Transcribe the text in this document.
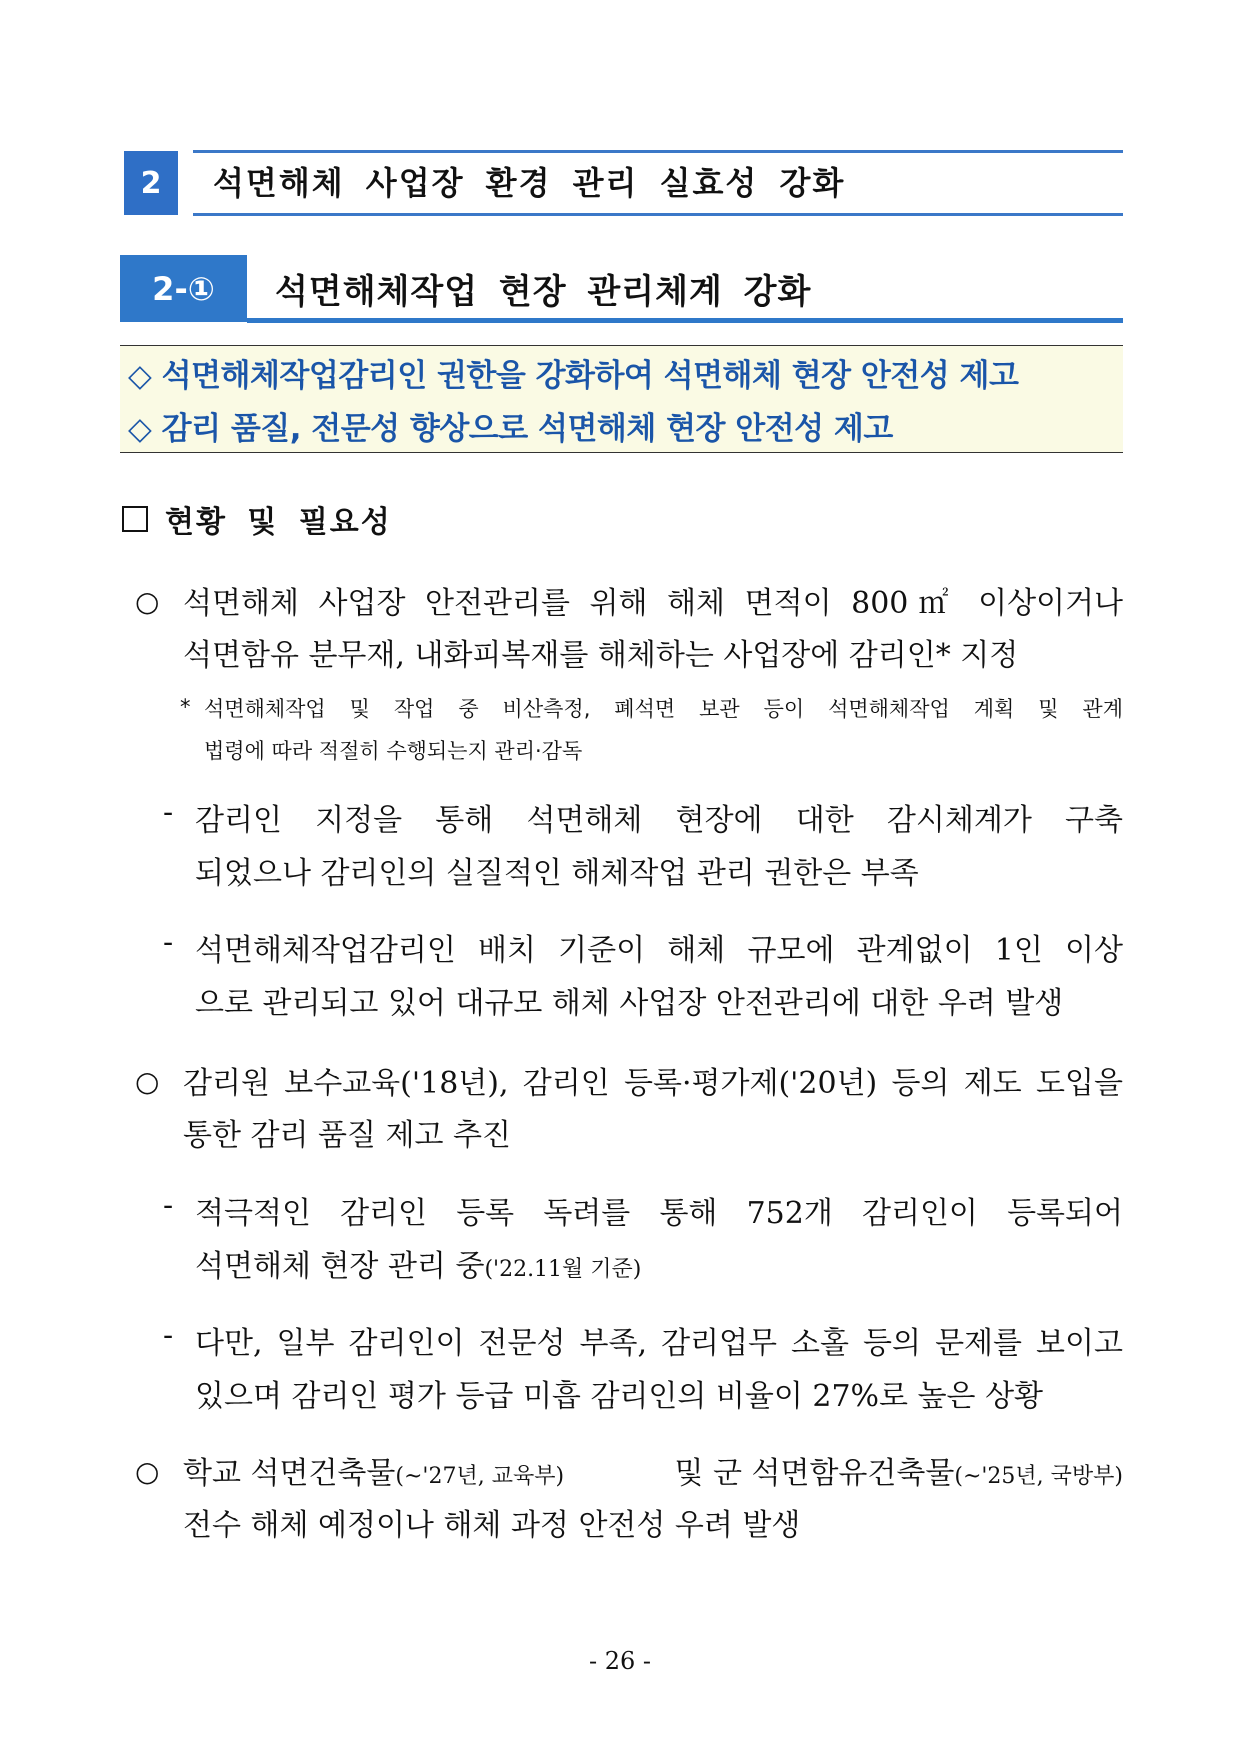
2	석면해체 사업장 환경 관리 실효성 강화
2-①	석면해체작업 현장 관리체계 강화
◇ 석면해체작업감리인 권한을 강화하여 석면해체 현장 안전성 제고
◇ 감리 품질, 전문성 향상으로 석면해체 현장 안전성 제고
현황 및 필요성
○ 석면해체 사업장 안전관리를 위해 해체 면적이 800㎡ 이상이거나
석면함유 분무재, 내화피복재를 해체하는 사업장에 감리인* 지정
* 석면해체작업 및 작업 중 비산측정, 폐석면 보관 등이 석면해체작업 계획 및 관계
법령에 따라 적절히 수행되는지 관리·감독
- 감리인 지정을 통해 석면해체 현장에 대한 감시체계가 구축
되었으나 감리인의 실질적인 해체작업 관리 권한은 부족
- 석면해체작업감리인 배치 기준이 해체 규모에 관계없이 1인 이상
으로 관리되고 있어 대규모 해체 사업장 안전관리에 대한 우려 발생
○ 감리원 보수교육('18년), 감리인 등록·평가제('20년) 등의 제도 도입을
통한 감리 품질 제고 추진
- 적극적인 감리인 등록 독려를 통해 752개 감리인이 등록되어
석면해체 현장 관리 중('22.11월 기준)
- 다만, 일부 감리인이 전문성 부족, 감리업무 소홀 등의 문제를 보이고
있으며 감리인 평가 등급 미흡 감리인의 비율이 27%로 높은 상황
○ 학교 석면건축물(~'27년, 교육부)	및 군 석면함유건축물(~'25년, 국방부)
전수 해체 예정이나 해체 과정 안전성 우려 발생
- 26 -
